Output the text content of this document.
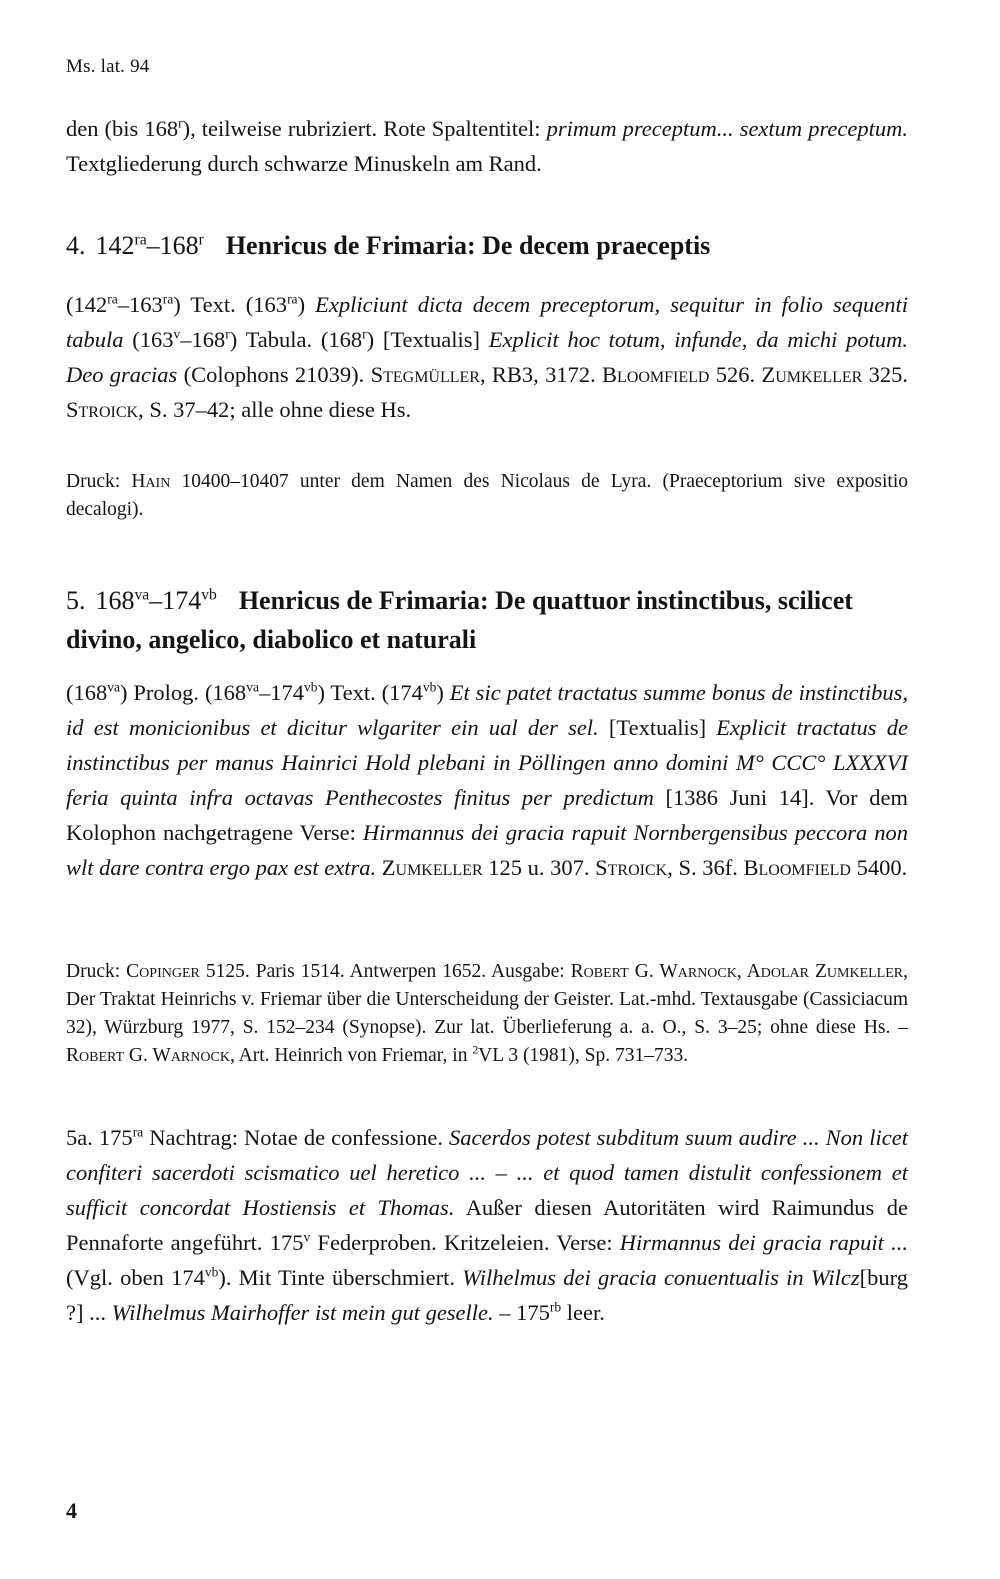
Ms. lat. 94
den (bis 168$^r$), teilweise rubriziert. Rote Spaltentitel: primum preceptum... sextum preceptum. Textgliederung durch schwarze Minuskeln am Rand.
4. $142^{ra}-168^r$ Henricus de Frimaria: De decem praeceptis
$(142^{ra}-163^{ra})$ Text. $(163^{ra})$ Expliciunt dicta decem preceptorum, sequitur in folio sequenti tabula (163$^v$–168$^r$) Tabula. (168$^r$) [Textualis] Explicit hoc totum, infunde, da michi potum. Deo gracias (Colophons 21039). Stegmüller, RB3, 3172. Bloomfield 526. Zumkeller 325. Stroick, S. 37–42; alle ohne diese Hs.
Druck: Hain 10400–10407 unter dem Namen des Nicolaus de Lyra. (Praeceptorium sive expositio decalogi).
5. $168^{va}-174^{vb}$ Henricus de Frimaria: De quattuor instinctibus, scilicet divino, angelico, diabolico et naturali
$(168^{va})$ Prolog. $(168^{va}-174^{vb})$ Text. $(174^{vb})$ Et sic patet tractatus summe bonus de instinctibus, id est monicionibus et dicitur wlgariter ein ual der sel. [Textualis] Explicit tractatus de instinctibus per manus Hainrici Hold plebani in Pöllingen anno domini M° CCC° LXXXVI feria quinta infra octavas Penthecostes finitus per predictum [1386 Juni 14]. Vor dem Kolophon nachgetragene Verse: Hirmannus dei gracia rapuit Nornbergensibus peccora non wlt dare contra ergo pax est extra. Zumkeller 125 u. 307. Stroick, S. 36f. Bloomfield 5400.
Druck: Copinger 5125. Paris 1514. Antwerpen 1652. Ausgabe: Robert G. Warnock, Adolar Zumkeller, Der Traktat Heinrichs v. Friemar über die Unterscheidung der Geister. Lat.-mhd. Textausgabe (Cassiciacum 32), Würzburg 1977, S. 152–234 (Synopse). Zur lat. Überlieferung a. a. O., S. 3–25; ohne diese Hs. – Robert G. Warnock, Art. Heinrich von Friemar, in $^2$VL 3 (1981), Sp. 731–733.
5a. $175^{ra}$ Nachtrag: Notae de confessione. Sacerdos potest subditum suum audire ... Non licet confiteri sacerdoti scismatico uel heretico ... – ... et quod tamen distulit confessionem et sufficit concordat Hostiensis et Thomas. Außer diesen Autoritäten wird Raimundus de Pennaforte angeführt. 175$^v$ Federproben. Kritzeleien. Verse: Hirmannus dei gracia rapuit ... (Vgl. oben $174^{vb}$). Mit Tinte überschmiert. Wilhelmus dei gracia conuentualis in Wilcz[burg ?] ... Wilhelmus Mairhoffer ist mein gut geselle. – $175^{rb}$ leer.
4
